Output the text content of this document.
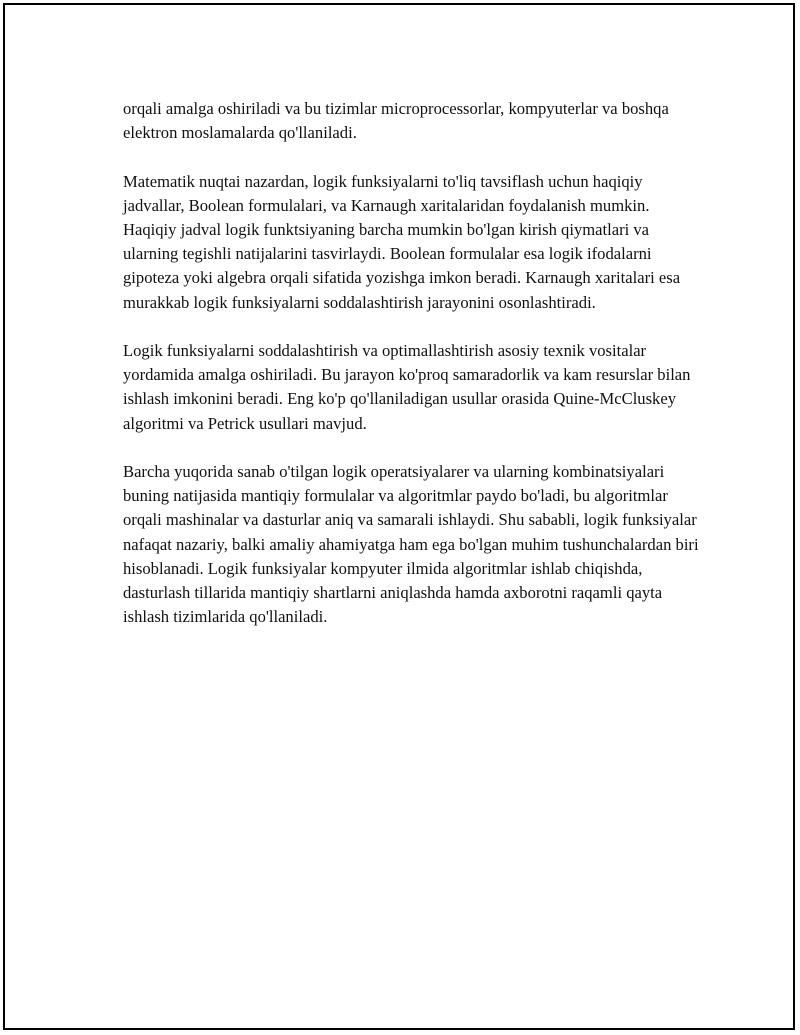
orqali amalga oshiriladi va bu tizimlar microprocessorlar, kompyuterlar va boshqa elektron moslamalarda qo'llaniladi.

Matematik nuqtai nazardan, logik funksiyalarni to'liq tavsiflash uchun haqiqiy jadvallar, Boolean formulalari, va Karnaugh xaritalaridan foydalanish mumkin. Haqiqiy jadval logik funktsiyaning barcha mumkin bo'lgan kirish qiymatlari va ularning tegishli natijalarini tasvirlaydi. Boolean formulalar esa logik ifodalarni gipoteza yoki algebra orqali sifatida yozishga imkon beradi. Karnaugh xaritalari esa murakkab logik funksiyalarni soddalashtirish jarayonini osonlashtiradi.

Logik funksiyalarni soddalashtirish va optimallashtirish asosiy texnik vositalar yordamida amalga oshiriladi. Bu jarayon ko'proq samaradorlik va kam resurslar bilan ishlash imkonini beradi. Eng ko'p qo'llaniladigan usullar orasida Quine-McCluskey algoritmi va Petrick usullari mavjud.

Barcha yuqorida sanab o'tilgan logik operatsiyalarer va ularning kombinatsiyalari buning natijasida mantiqiy formulalar va algoritmlar paydo bo'ladi, bu algoritmlar orqali mashinalar va dasturlar aniq va samarali ishlaydi. Shu sababli, logik funksiyalar nafaqat nazariy, balki amaliy ahamiyatga ham ega bo'lgan muhim tushunchalardan biri hisoblanadi. Logik funksiyalar kompyuter ilmida algoritmlar ishlab chiqishda, dasturlash tillarida mantiqiy shartlarni aniqlashda hamda axborotni raqamli qayta ishlash tizimlarida qo'llaniladi.
